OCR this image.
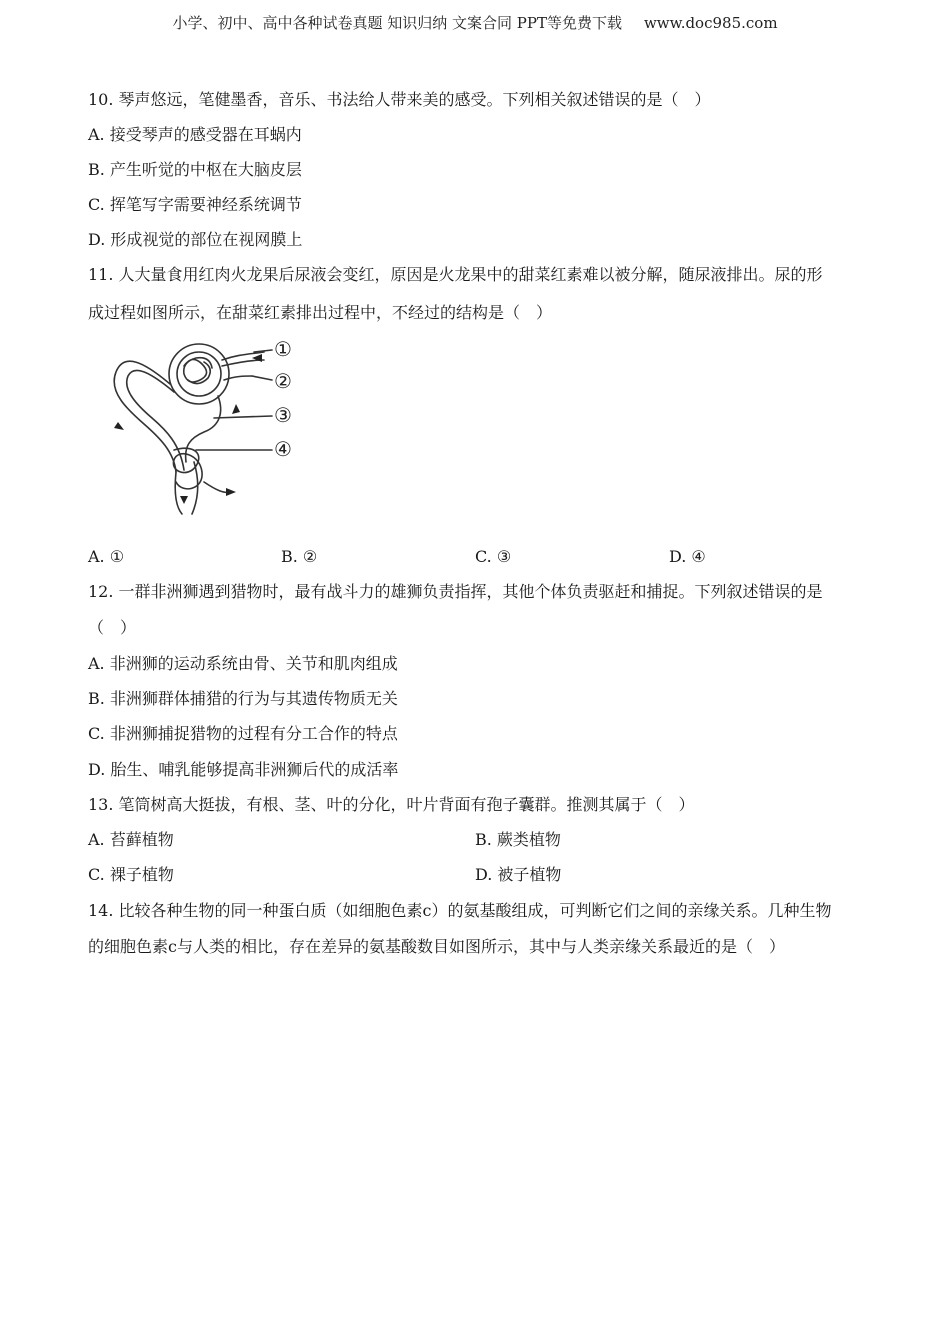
小学、初中、高中各种试卷真题 知识归纳 文案合同 PPT等免费下载 www.doc985.com
10. 琴声悠远，笔健墨香，音乐、书法给人带来美的感受。下列相关叙述错误的是（　）
A. 接受琴声的感受器在耳蜗内
B. 产生听觉的中枢在大脑皮层
C. 挥笔写字需要神经系统调节
D. 形成视觉的部位在视网膜上
11. 人大量食用红肉火龙果后尿液会变红，原因是火龙果中的甜菜红素难以被分解，随尿液排出。尿的形
成过程如图所示，在甜菜红素排出过程中，不经过的结构是（　）
①
②
③
④
A. ①	B. ②	C. ③	D. ④
12. 一群非洲狮遇到猎物时，最有战斗力的雄狮负责指挥，其他个体负责驱赶和捕捉。下列叙述错误的是
（　）
A. 非洲狮的运动系统由骨、关节和肌肉组成
B. 非洲狮群体捕猎的行为与其遗传物质无关
C. 非洲狮捕捉猎物的过程有分工合作的特点
D. 胎生、哺乳能够提高非洲狮后代的成活率
13. 笔筒树高大挺拔，有根、茎、叶的分化，叶片背面有孢子囊群。推测其属于（　）
A. 苔藓植物	B. 蕨类植物
C. 裸子植物	D. 被子植物
14. 比较各种生物的同一种蛋白质（如细胞色素c）的氨基酸组成，可判断它们之间的亲缘关系。几种生物
的细胞色素c与人类的相比，存在差异的氨基酸数目如图所示，其中与人类亲缘关系最近的是（　）
